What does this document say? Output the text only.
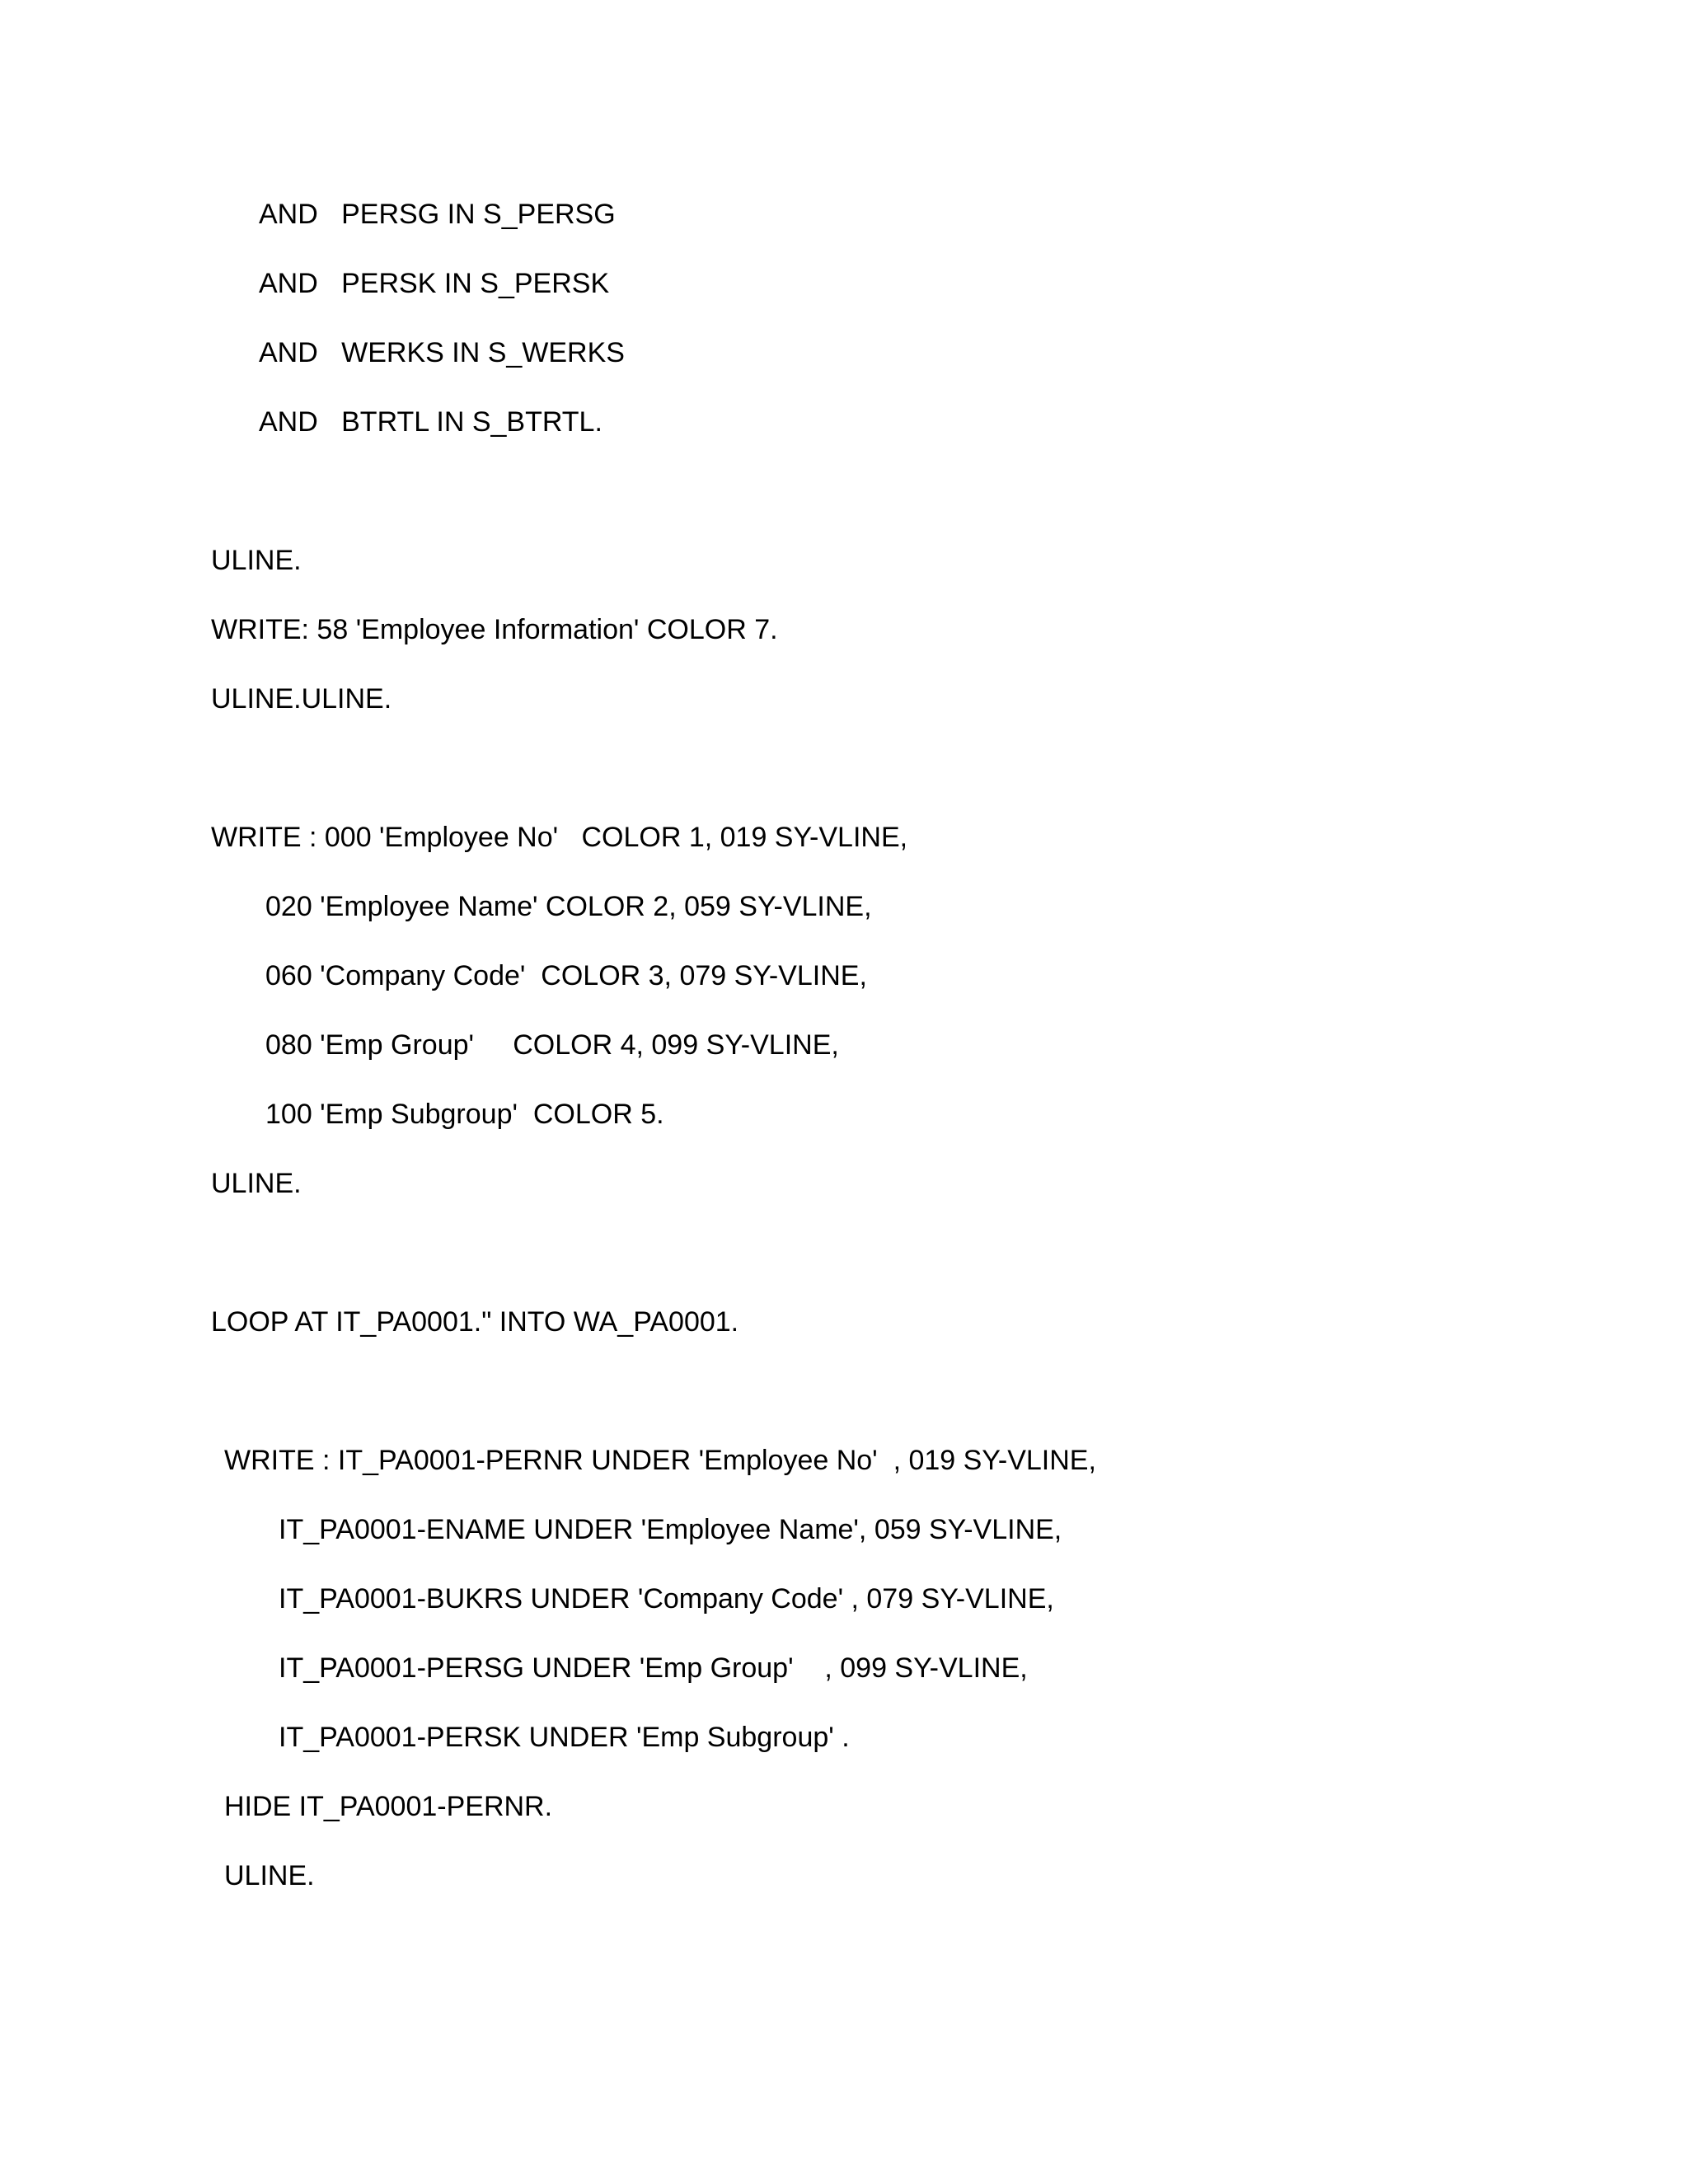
AND   PERSG IN S_PERSG
AND   PERSK IN S_PERSK
AND   WERKS IN S_WERKS
AND   BTRTL IN S_BTRTL.
ULINE.
WRITE: 58 'Employee Information' COLOR 7.
ULINE.ULINE.
WRITE : 000 'Employee No'   COLOR 1, 019 SY-VLINE,
020 'Employee Name' COLOR 2, 059 SY-VLINE,
060 'Company Code'  COLOR 3, 079 SY-VLINE,
080 'Emp Group'     COLOR 4, 099 SY-VLINE,
100 'Emp Subgroup'  COLOR 5.
ULINE.
LOOP AT IT_PA0001." INTO WA_PA0001.
WRITE : IT_PA0001-PERNR UNDER 'Employee No'  , 019 SY-VLINE,
IT_PA0001-ENAME UNDER 'Employee Name', 059 SY-VLINE,
IT_PA0001-BUKRS UNDER 'Company Code' , 079 SY-VLINE,
IT_PA0001-PERSG UNDER 'Emp Group'    , 099 SY-VLINE,
IT_PA0001-PERSK UNDER 'Emp Subgroup' .
HIDE IT_PA0001-PERNR.
ULINE.
